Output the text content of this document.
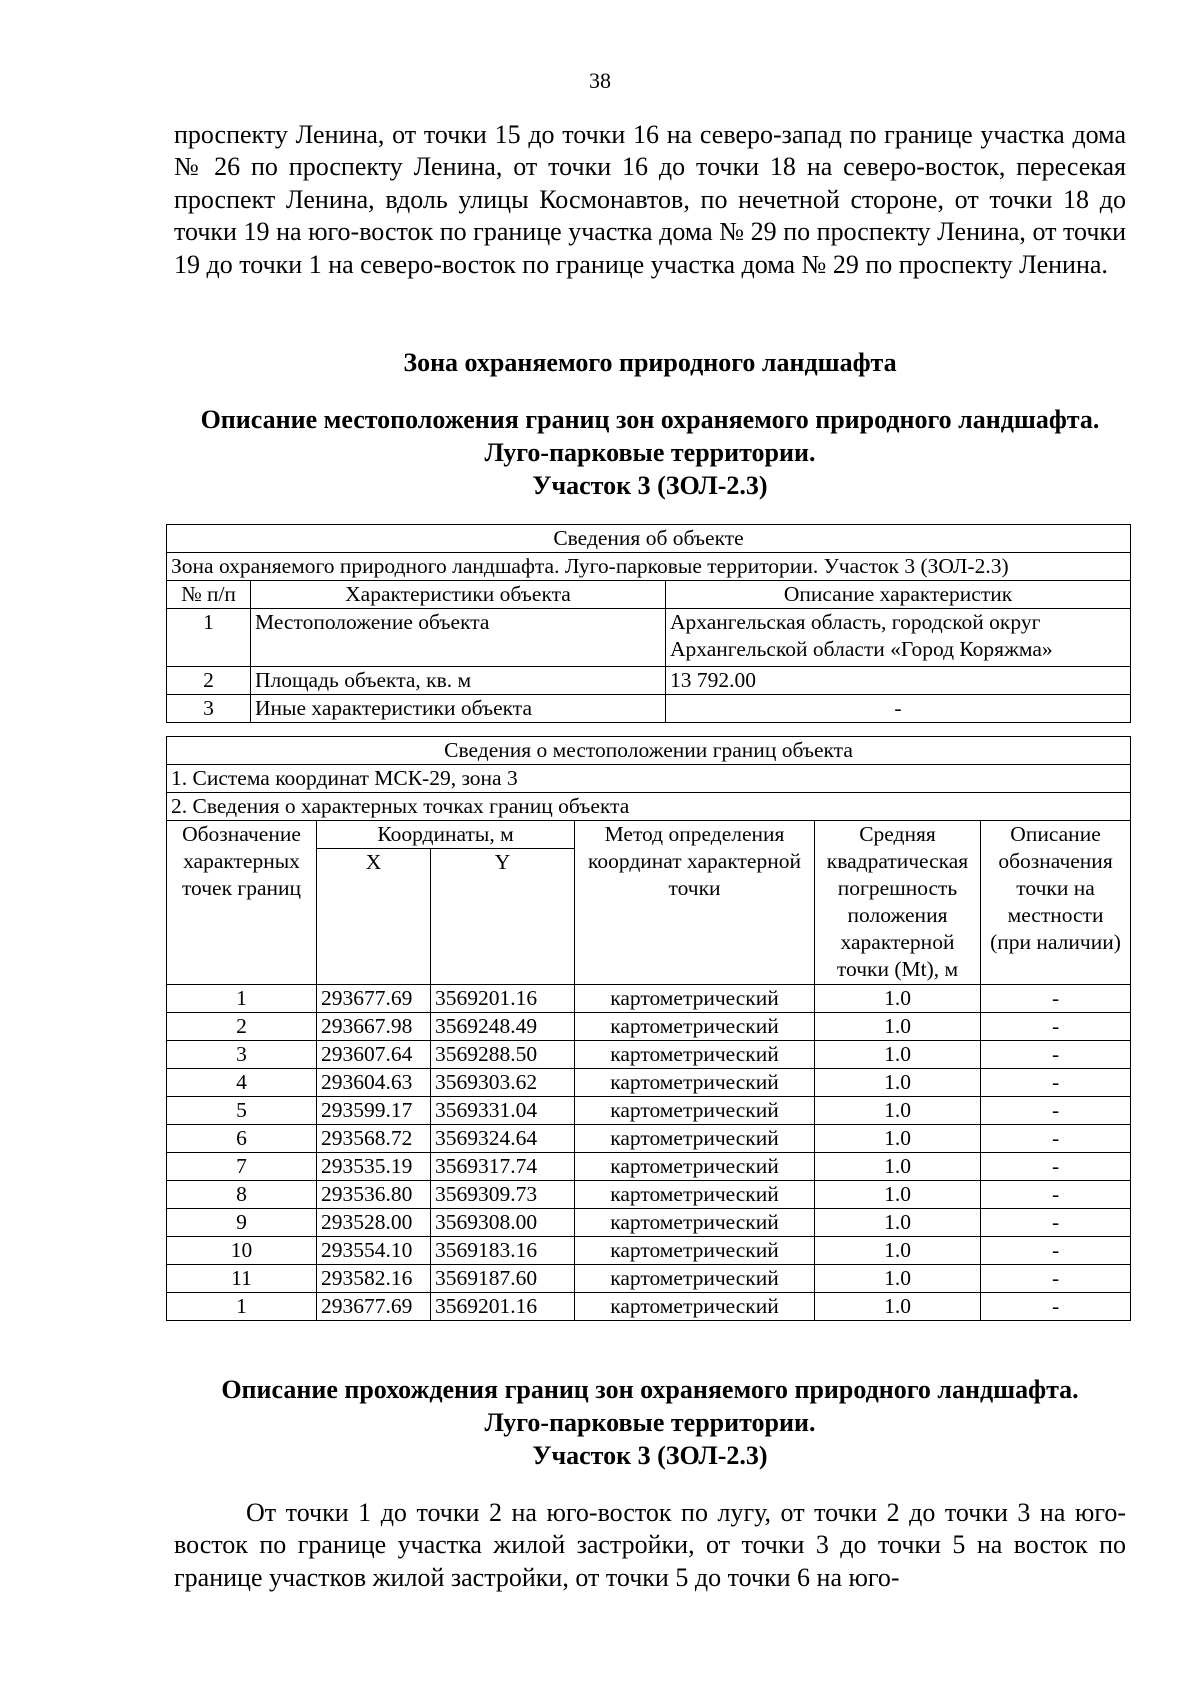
38

проспекту Ленина, от точки 15 до точки 16 на северо-запад по границе участка дома № 26 по проспекту Ленина, от точки 16 до точки 18 на северо-восток, пересекая проспект Ленина, вдоль улицы Космонавтов, по нечетной стороне, от точки 18 до точки 19 на юго-восток по границе участка дома № 29 по проспекту Ленина, от точки 19 до точки 1 на северо-восток по границе участка дома № 29 по проспекту Ленина.

Зона охраняемого природного ландшафта
Описание местоположения границ зон охраняемого природного ландшафта.
Луго-парковые территории.
Участок 3 (ЗОЛ-2.3)
Сведения об объекте		
Зона охраняемого природного ландшафта. Луго-парковые территории. Участок 3 (ЗОЛ-2.3)		
№ п/п	Характеристики объекта	Описание характеристик
1	Местоположение объекта	Архангельская область, городской округ Архангельской области «Город Коряжма»
2	Площадь объекта, кв. м	13 792.00
3	Иные характеристики объекта	-
Сведения о местоположении границ объекта					
1. Система координат МСК-29, зона 3					
2. Сведения о характерных точках границ объекта					
Обозначение характерных точек границ	Координаты, м		Метод определения координат характерной точки	Средняя квадратическая погрешность положения характерной точки (Mt), м	Описание обозначения точки на местности (при наличии)
	X	Y			
1	293677.69	3569201.16	картометрический	1.0	-
2	293667.98	3569248.49	картометрический	1.0	-
3	293607.64	3569288.50	картометрический	1.0	-
4	293604.63	3569303.62	картометрический	1.0	-
5	293599.17	3569331.04	картометрический	1.0	-
6	293568.72	3569324.64	картометрический	1.0	-
7	293535.19	3569317.74	картометрический	1.0	-
8	293536.80	3569309.73	картометрический	1.0	-
9	293528.00	3569308.00	картометрический	1.0	-
10	293554.10	3569183.16	картометрический	1.0	-
11	293582.16	3569187.60	картометрический	1.0	-
1	293677.69	3569201.16	картометрический	1.0	-
Описание прохождения границ зон охраняемого природного ландшафта.
Луго-парковые территории.
Участок 3 (ЗОЛ-2.3)

От точки 1 до точки 2 на юго-восток по лугу, от точки 2 до точки 3 на юго-восток по границе участка жилой застройки, от точки 3 до точки 5 на восток по границе участков жилой застройки, от точки 5 до точки 6 на юго-
